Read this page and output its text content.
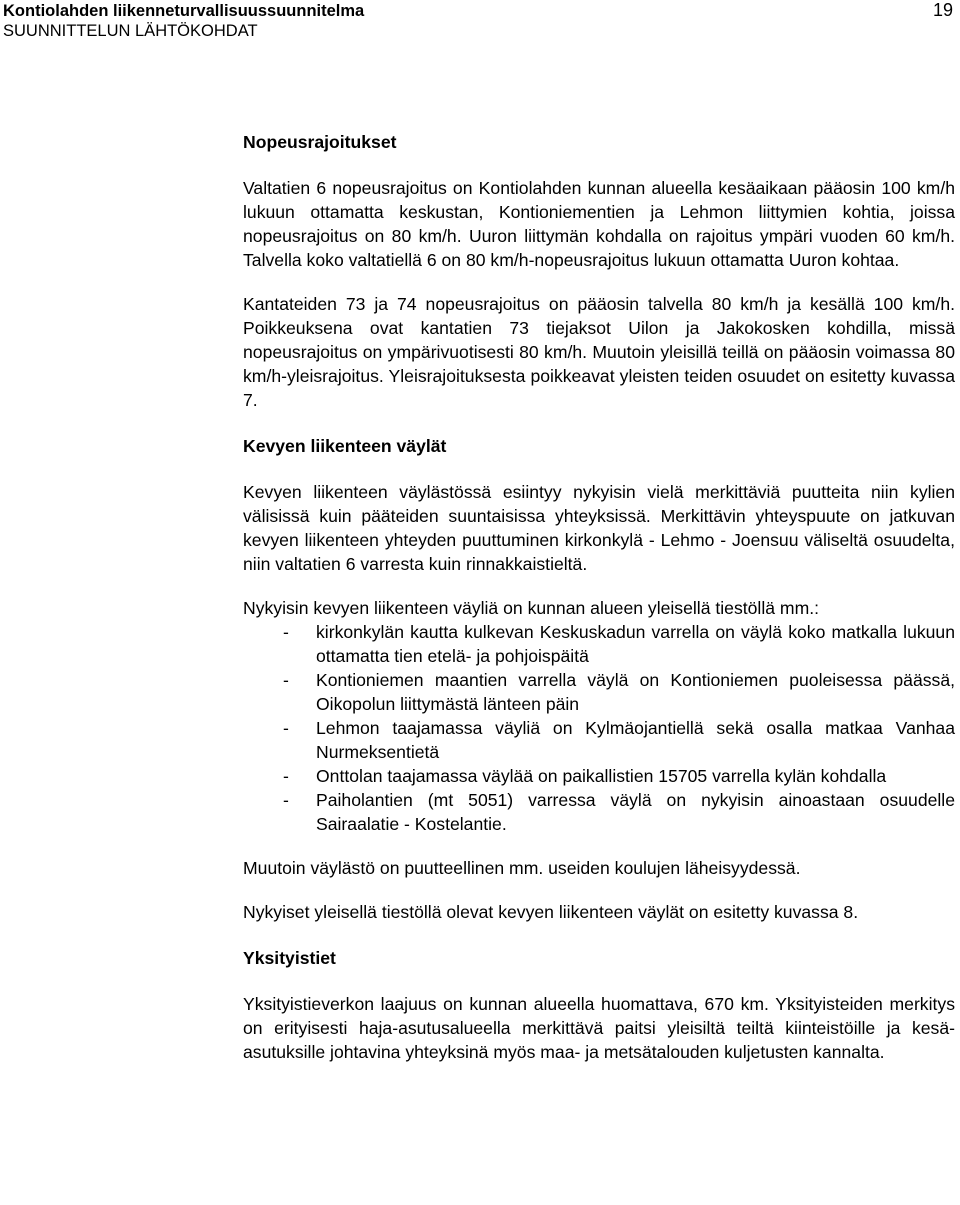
Kontiolahden liikenneturvallisuussuunnitelma
SUUNNITTELUN LÄHTÖKOHDAT
19
Nopeusrajoitukset

Valtatien 6 nopeusrajoitus on Kontiolahden kunnan alueella kesäaikaan pääosin 100 km/h lukuun ottamatta keskustan, Kontioniementien ja Lehmon liittymien kohtia, joissa nopeusrajoitus on 80 km/h. Uuron liittymän kohdalla on rajoitus ympäri vuoden 60 km/h. Talvella koko valtatiellä 6 on 80 km/h-nopeusrajoitus lukuun ottamatta Uuron kohtaa.

Kantateiden 73 ja 74 nopeusrajoitus on pääosin talvella 80 km/h ja kesällä 100 km/h. Poikkeuksena ovat kantatien 73 tiejaksot Uilon ja Jakokosken kohdilla, missä nopeusrajoitus on ympärivuotisesti 80 km/h. Muutoin yleisillä teillä on pääosin voimassa 80 km/h-yleisrajoitus. Yleisrajoituksesta poikkeavat yleisten teiden osuudet on esitetty kuvassa 7.

Kevyen liikenteen väylät

Kevyen liikenteen väylästössä esiintyy nykyisin vielä merkittäviä puutteita niin kylien välisissä kuin pääteiden suuntaisissa yhteyksissä. Merkittävin yhteyspuute on jatkuvan kevyen liikenteen yhteyden puuttuminen kirkonkylä - Lehmo - Joensuu väliseltä osuudelta, niin valtatien 6 varresta kuin rinnakkaistieltä.

Nykyisin kevyen liikenteen väyliä on kunnan alueen yleisellä tiestöllä mm.:

- kirkonkylän kautta kulkevan Keskuskadun varrella on väylä koko matkalla lukuun ottamatta tien etelä- ja pohjoispäitä
- Kontioniemen maantien varrella väylä on Kontioniemen puoleisessa päässä, Oikopolun liittymästä länteen päin
- Lehmon taajamassa väyliä on Kylmäojantiellä sekä osalla matkaa Vanhaa Nurmeksentietä
- Onttolan taajamassa väylää on paikallistien 15705 varrella kylän kohdalla
- Paiholantien (mt 5051) varressa väylä on nykyisin ainoastaan osuudelle Sairaalatie - Kostelantie.

Muutoin väylästö on puutteellinen mm. useiden koulujen läheisyydessä.

Nykyiset yleisellä tiestöllä olevat kevyen liikenteen väylät on esitetty kuvassa 8.

Yksityistiet

Yksityistieverkon laajuus on kunnan alueella huomattava, 670 km. Yksityisteiden merkitys on erityisesti haja-asutusalueella merkittävä paitsi yleisiltä teiltä kiinteistöille ja kesä-asutuksille johtavina yhteyksinä myös maa- ja metsätalouden kuljetusten kannalta.
